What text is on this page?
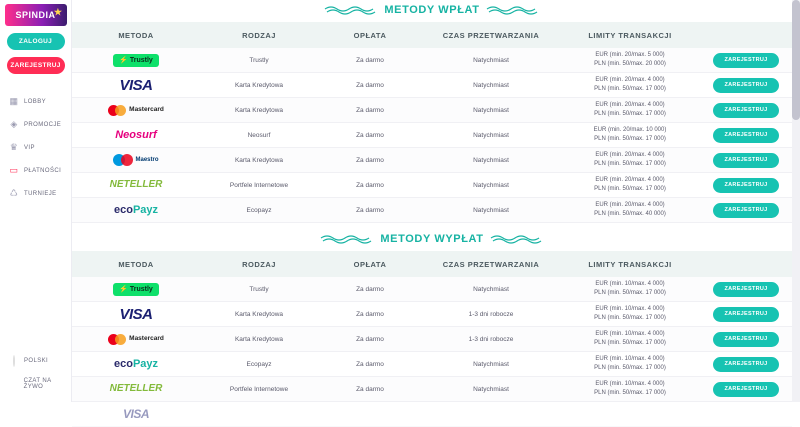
SPINDIA
★
ZALOGUJ
ZAREJESTRUJ
▦ LOBBY
◈ PROMOCJE
♛ VIP
▭ PŁATNOŚCI
♺ TURNIEJE
POLSKI
CZAT NA ŻYWO
METODY WPŁAT
METODA	RODZAJ	OPŁATA	CZAS PRZETWARZANIA	LIMITY TRANSAKCJI
⚡ Trustly	Trustly	Za darmo	Natychmiast
EUR (min. 20/max. 5 000)
PLN (min. 50/max. 20 000)
ZAREJESTRUJ
VISA	Karta Kredytowa	Za darmo	Natychmiast
EUR (min. 20/max. 4 000)
PLN (min. 50/max. 17 000)
ZAREJESTRUJ
Mastercard	Karta Kredytowa	Za darmo	Natychmiast
EUR (min. 20/max. 4 000)
PLN (min. 50/max. 17 000)
ZAREJESTRUJ
Neosurf	Neosurf	Za darmo	Natychmiast
EUR (min. 20/max. 10 000)
PLN (min. 50/max. 17 000)
ZAREJESTRUJ
Maestro	Karta Kredytowa	Za darmo	Natychmiast
EUR (min. 20/max. 4 000)
PLN (min. 50/max. 17 000)
ZAREJESTRUJ
NETELLER	Portfele Internetowe	Za darmo	Natychmiast
EUR (min. 20/max. 4 000)
PLN (min. 50/max. 17 000)
ZAREJESTRUJ
ecoPayz	Ecopayz	Za darmo	Natychmiast
EUR (min. 20/max. 4 000)
PLN (min. 50/max. 40 000)
ZAREJESTRUJ
METODY WYPŁAT
METODA	RODZAJ	OPŁATA	CZAS PRZETWARZANIA	LIMITY TRANSAKCJI
⚡ Trustly	Trustly	Za darmo	Natychmiast
EUR (min. 10/max. 4 000)
PLN (min. 50/max. 17 000)
ZAREJESTRUJ
VISA	Karta Kredytowa	Za darmo	1-3 dni robocze
EUR (min. 10/max. 4 000)
PLN (min. 50/max. 17 000)
ZAREJESTRUJ
Mastercard	Karta Kredytowa	Za darmo	1-3 dni robocze
EUR (min. 10/max. 4 000)
PLN (min. 50/max. 17 000)
ZAREJESTRUJ
ecoPayz	Ecopayz	Za darmo	Natychmiast
EUR (min. 10/max. 4 000)
PLN (min. 50/max. 17 000)
ZAREJESTRUJ
NETELLER	Portfele Internetowe	Za darmo	Natychmiast
EUR (min. 10/max. 4 000)
PLN (min. 50/max. 17 000)
ZAREJESTRUJ
VISA
